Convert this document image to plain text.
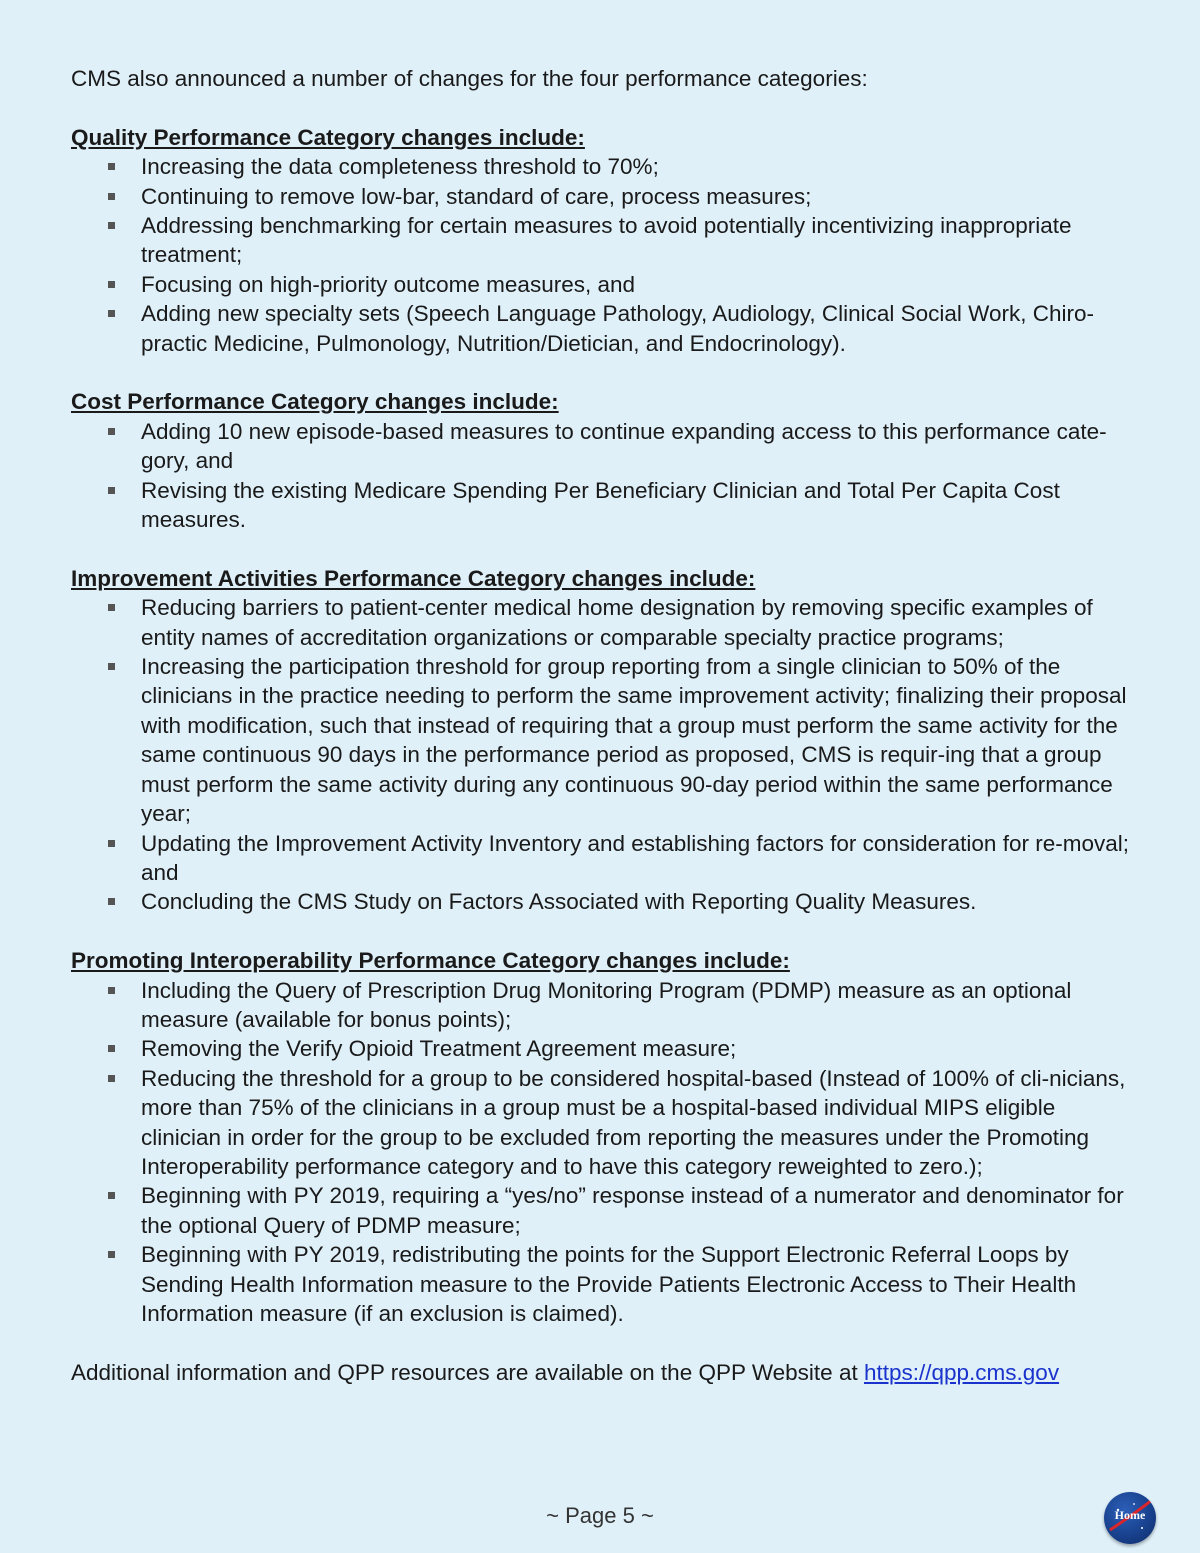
CMS also announced a number of changes for the four performance categories:

Quality Performance Category changes include:

Increasing the data completeness threshold to 70%;
Continuing to remove low-bar, standard of care, process measures;
Addressing benchmarking for certain measures to avoid potentially incentivizing inappropriate treatment;
Focusing on high-priority outcome measures, and
Adding new specialty sets (Speech Language Pathology, Audiology, Clinical Social Work, Chiro-practic Medicine, Pulmonology, Nutrition/Dietician, and Endocrinology).

Cost Performance Category changes include:

Adding 10 new episode-based measures to continue expanding access to this performance cate-gory, and
Revising the existing Medicare Spending Per Beneficiary Clinician and Total Per Capita Cost measures.

Improvement Activities Performance Category changes include:

Reducing barriers to patient-center medical home designation by removing specific examples of entity names of accreditation organizations or comparable specialty practice programs;
Increasing the participation threshold for group reporting from a single clinician to 50% of the clinicians in the practice needing to perform the same improvement activity; finalizing their proposal with modification, such that instead of requiring that a group must perform the same activity for the same continuous 90 days in the performance period as proposed, CMS is requir-ing that a group must perform the same activity during any continuous 90-day period within the same performance year;
Updating the Improvement Activity Inventory and establishing factors for consideration for re-moval; and
Concluding the CMS Study on Factors Associated with Reporting Quality Measures.

Promoting Interoperability Performance Category changes include:

Including the Query of Prescription Drug Monitoring Program (PDMP) measure as an optional measure (available for bonus points);
Removing the Verify Opioid Treatment Agreement measure;
Reducing the threshold for a group to be considered hospital-based (Instead of 100% of cli-nicians, more than 75% of the clinicians in a group must be a hospital-based individual MIPS eligible clinician in order for the group to be excluded from reporting the measures under the Promoting Interoperability performance category and to have this category reweighted to zero.);
Beginning with PY 2019, requiring a “yes/no” response instead of a numerator and denominator for the optional Query of PDMP measure;
Beginning with PY 2019, redistributing the points for the Support Electronic Referral Loops by Sending Health Information measure to the Provide Patients Electronic Access to Their Health Information measure (if an exclusion is claimed).

Additional information and QPP resources are available on the QPP Website at https://qpp.cms.gov

~ Page 5 ~	Home
